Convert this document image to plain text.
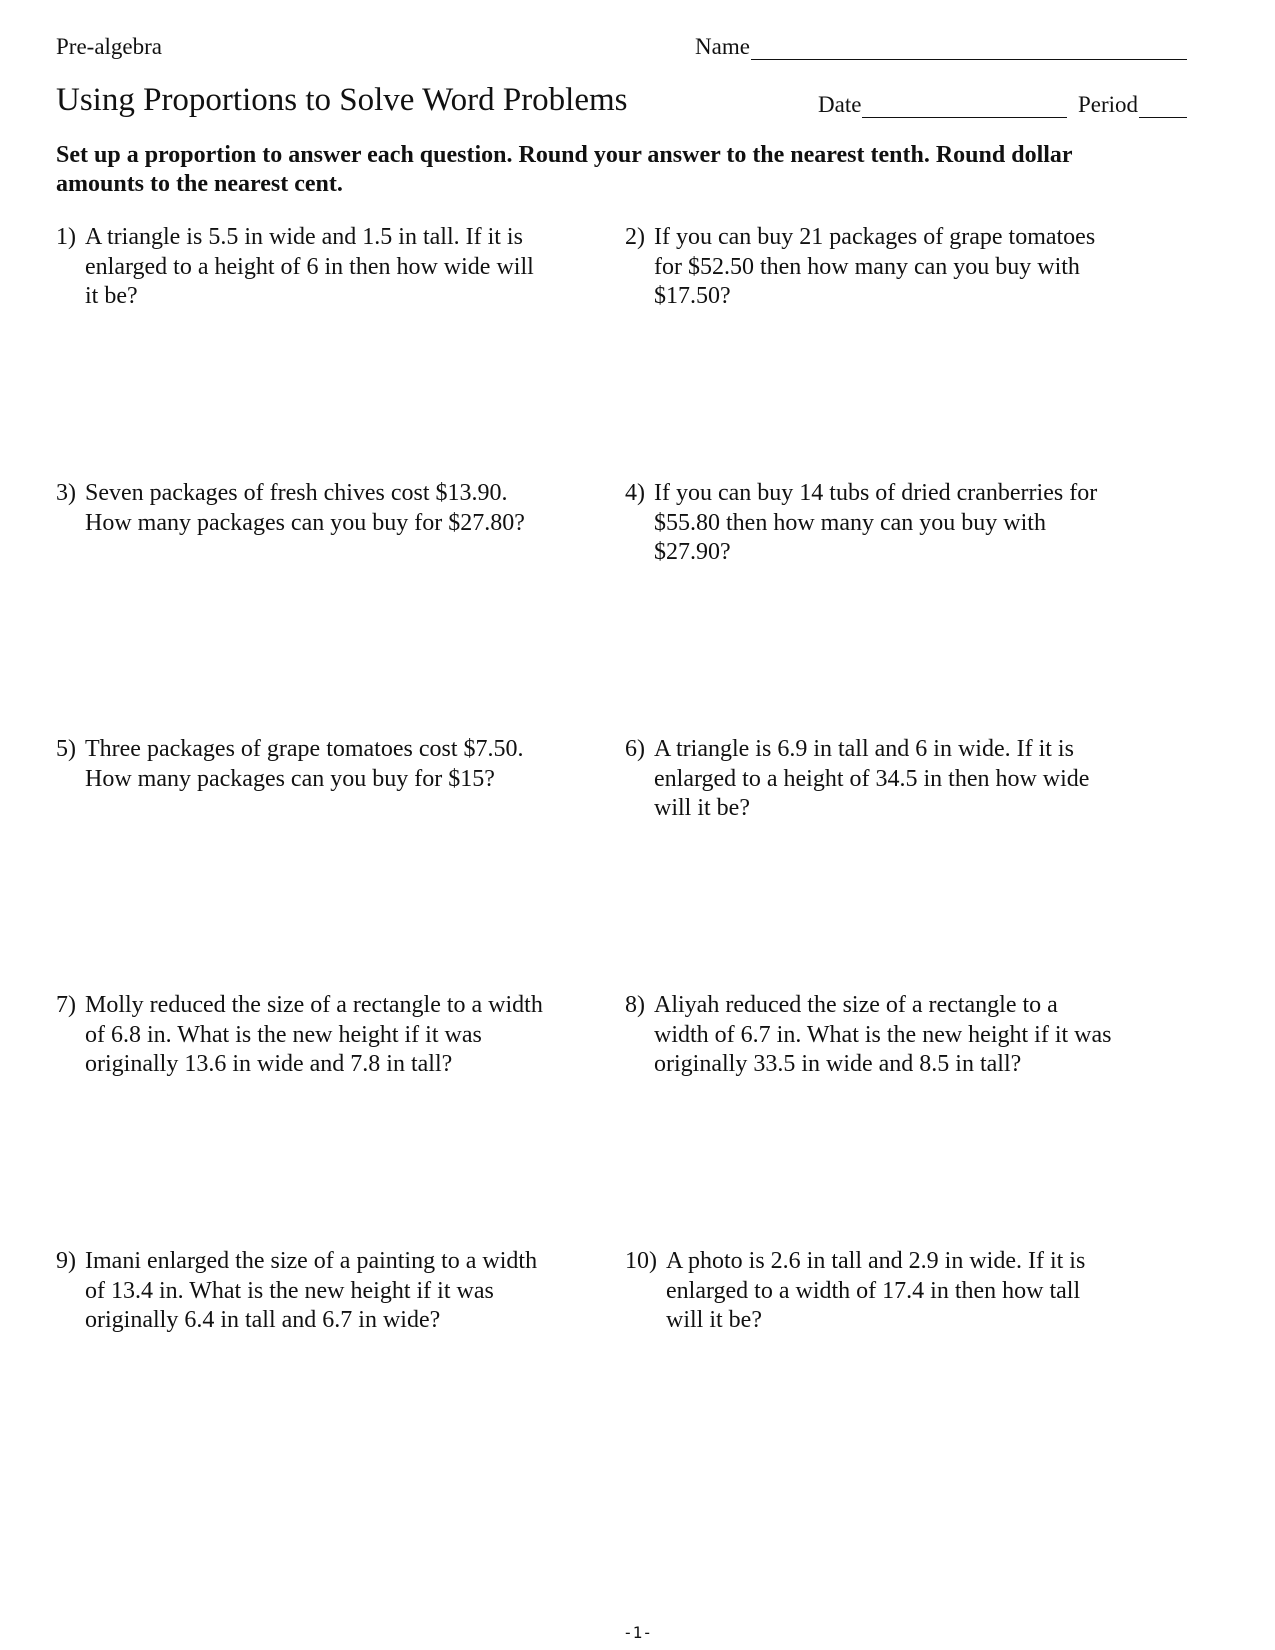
Pre-algebra	Name
Using Proportions to Solve Word Problems	Date	Period
Set up a proportion to answer each question. Round your answer to the nearest tenth. Round dollar amounts to the nearest cent.
1) A triangle is 5.5 in wide and 1.5 in tall. If it is enlarged to a height of 6 in then how wide will it be?
2) If you can buy 21 packages of grape tomatoes for $52.50 then how many can you buy with $17.50?
3) Seven packages of fresh chives cost $13.90. How many packages can you buy for $27.80?
4) If you can buy 14 tubs of dried cranberries for $55.80 then how many can you buy with $27.90?
5) Three packages of grape tomatoes cost $7.50. How many packages can you buy for $15?
6) A triangle is 6.9 in tall and 6 in wide. If it is enlarged to a height of 34.5 in then how wide will it be?
7) Molly reduced the size of a rectangle to a width of 6.8 in. What is the new height if it was originally 13.6 in wide and 7.8 in tall?
8) Aliyah reduced the size of a rectangle to a width of 6.7 in. What is the new height if it was originally 33.5 in wide and 8.5 in tall?
9) Imani enlarged the size of a painting to a width of 13.4 in. What is the new height if it was originally 6.4 in tall and 6.7 in wide?
10) A photo is 2.6 in tall and 2.9 in wide. If it is enlarged to a width of 17.4 in then how tall will it be?
-1-
